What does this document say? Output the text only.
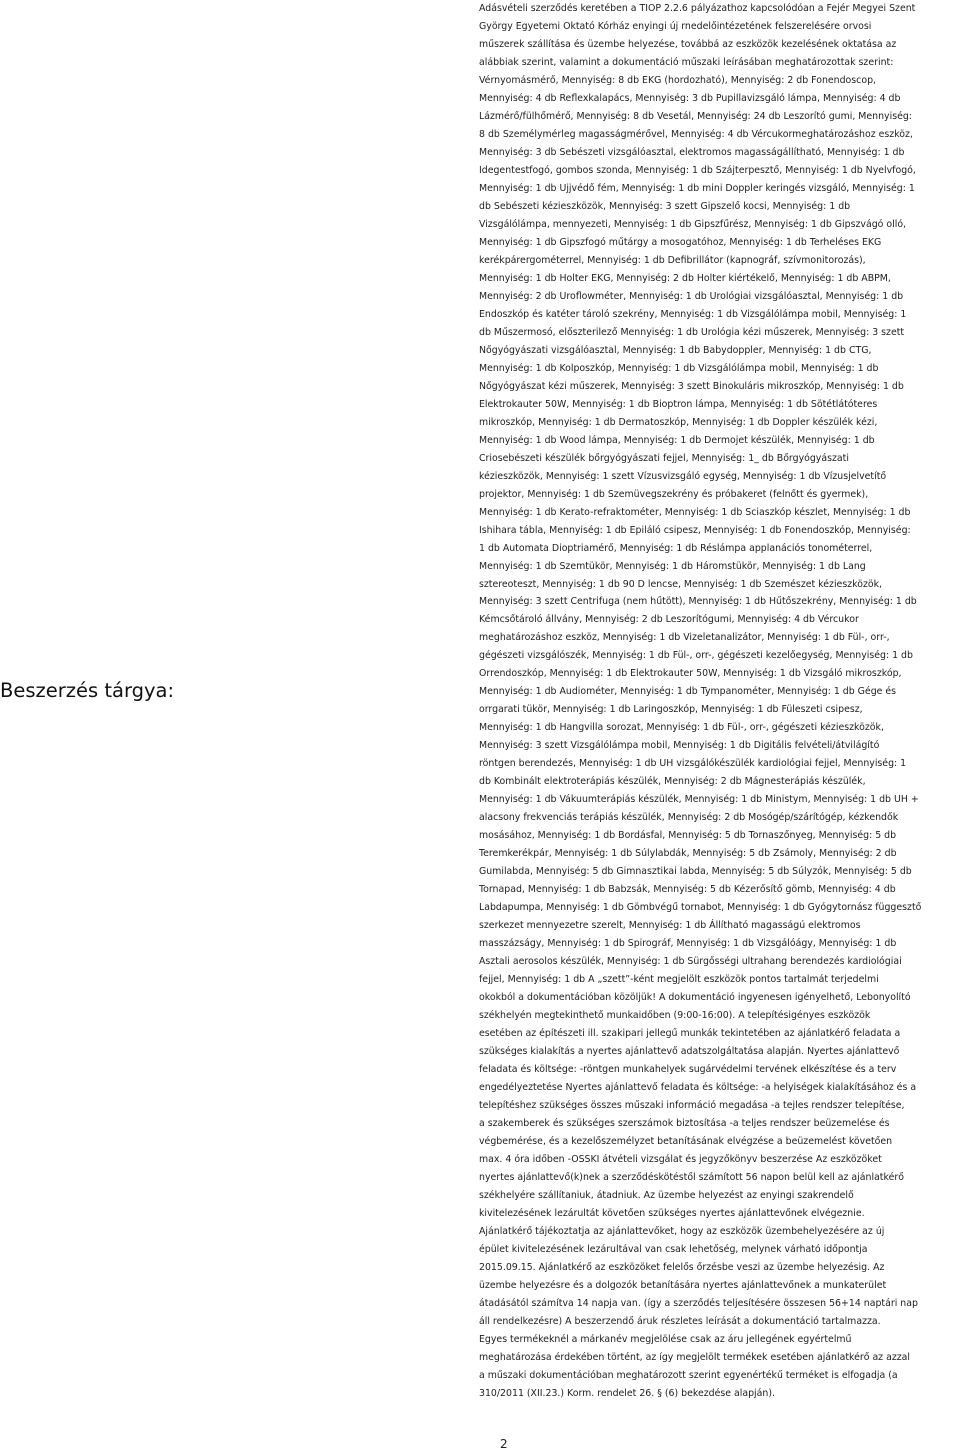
Beszerzés tárgya:
Adásvételi szerződés keretében a TIOP 2.2.6 pályázathoz kapcsolódóan a Fejér Megyei Szent
György Egyetemi Oktató Kórház enyingi új rnedelőintézetének felszerelésére orvosi
műszerek szállítása és üzembe helyezése, továbbá az eszközök kezelésének oktatása az
alábbiak szerint, valamint a dokumentáció műszaki leírásában meghatározottak szerint:
Vérnyomásmérő, Mennyiség: 8 db EKG (hordozható), Mennyiség: 2 db Fonendoscop,
Mennyiség: 4 db Reflexkalapács, Mennyiség: 3 db Pupillavizsgáló lámpa, Mennyiség: 4 db
Lázmérő/fülhőmérő, Mennyiség: 8 db Vesetál, Mennyiség: 24 db Leszorító gumi, Mennyiség:
8 db Személymérleg magasságmérővel, Mennyiség: 4 db Vércukormeghatározáshoz eszköz,
Mennyiség: 3 db Sebészeti vizsgálóasztal, elektromos magasságállítható, Mennyiség: 1 db
Idegentestfogó, gombos szonda, Mennyiség: 1 db Szájterpesztő, Mennyiség: 1 db Nyelvfogó,
Mennyiség: 1 db Ujjvédő fém, Mennyiség: 1 db mini Doppler keringés vizsgáló, Mennyiség: 1
db Sebészeti kézieszközök, Mennyiség: 3 szett Gipszelő kocsi, Mennyiség: 1 db
Vizsgálólámpa, mennyezeti, Mennyiség: 1 db Gipszfűrész, Mennyiség: 1 db Gipszvágó olló,
Mennyiség: 1 db Gipszfogó műtárgy a mosogatóhoz, Mennyiség: 1 db Terheléses EKG
kerékpárergométerrel, Mennyiség: 1 db Defibrillátor (kapnográf, szívmonitorozás),
Mennyiség: 1 db Holter EKG, Mennyiség: 2 db Holter kiértékelő, Mennyiség: 1 db ABPM,
Mennyiség: 2 db Uroflowméter, Mennyiség: 1 db Urológiai vizsgálóasztal, Mennyiség: 1 db
Endoszkóp és katéter tároló szekrény, Mennyiség: 1 db Vizsgálólámpa mobil, Mennyiség: 1
db Műszermosó, előszterilező Mennyiség: 1 db Urológia kézi műszerek, Mennyiség: 3 szett
Nőgyógyászati vizsgálóasztal, Mennyiség: 1 db Babydoppler, Mennyiség: 1 db CTG,
Mennyiség: 1 db Kolposzkóp, Mennyiség: 1 db Vizsgálólámpa mobil, Mennyiség: 1 db
Nőgyógyászat kézi műszerek, Mennyiség: 3 szett Binokuláris mikroszkóp, Mennyiség: 1 db
Elektrokauter 50W, Mennyiség: 1 db Bioptron lámpa, Mennyiség: 1 db Sötétlátóteres
mikroszkóp, Mennyiség: 1 db Dermatoszkóp, Mennyiség: 1 db Doppler készülék kézi,
Mennyiség: 1 db Wood lámpa, Mennyiség: 1 db Dermojet készülék, Mennyiség: 1 db
Criosebészeti készülék bőrgyógyászati fejjel, Mennyiség: 1_ db Bőrgyógyászati
kézieszközök, Mennyiség: 1 szett Vízusvizsgáló egység, Mennyiség: 1 db Vízusjelvetítő
projektor, Mennyiség: 1 db Szemüvegszekrény és próbakeret (felnőtt és gyermek),
Mennyiség: 1 db Kerato-refraktométer, Mennyiség: 1 db Sciaszkóp készlet, Mennyiség: 1 db
Ishihara tábla, Mennyiség: 1 db Epiláló csipesz, Mennyiség: 1 db Fonendoszkóp, Mennyiség:
1 db Automata Dioptriamérő, Mennyiség: 1 db Réslámpa applanációs tonométerrel,
Mennyiség: 1 db Szemtükör, Mennyiség: 1 db Háromstükör, Mennyiség: 1 db Lang
sztereoteszt, Mennyiség: 1 db 90 D lencse, Mennyiség: 1 db Szemészet kézieszközök,
Mennyiség: 3 szett Centrifuga (nem hűtött), Mennyiség: 1 db Hűtőszekrény, Mennyiség: 1 db
Kémcsőtároló állvány, Mennyiség: 2 db Leszorítógumi, Mennyiség: 4 db Vércukor
meghatározáshoz eszköz, Mennyiség: 1 db Vizeletanalizátor, Mennyiség: 1 db Fül-, orr-,
gégészeti vizsgálószék, Mennyiség: 1 db Fül-, orr-, gégészeti kezelőegység, Mennyiség: 1 db
Orrendoszkóp, Mennyiség: 1 db Elektrokauter 50W, Mennyiség: 1 db Vizsgáló mikroszkóp,
Mennyiség: 1 db Audiométer, Mennyiség: 1 db Tympanométer, Mennyiség: 1 db Gége és
orrgarati tükör, Mennyiség: 1 db Laringoszkóp, Mennyiség: 1 db Füleszeti csipesz,
Mennyiség: 1 db Hangvilla sorozat, Mennyiség: 1 db Fül-, orr-, gégészeti kézieszközök,
Mennyiség: 3 szett Vizsgálólámpa mobil, Mennyiség: 1 db Digitális felvételi/átvilágító
röntgen berendezés, Mennyiség: 1 db UH vizsgálókészülék kardiológiai fejjel, Mennyiség: 1
db Kombinált elektroterápiás készülék, Mennyiség: 2 db Mágnesterápiás készülék,
Mennyiség: 1 db Vákuumterápiás készülék, Mennyiség: 1 db Ministym, Mennyiség: 1 db UH +
alacsony frekvenciás terápiás készülék, Mennyiség: 2 db Mosógép/szárítógép, kézkendők
mosásához, Mennyiség: 1 db Bordásfal, Mennyiség: 5 db Tornaszőnyeg, Mennyiség: 5 db
Teremkerékpár, Mennyiség: 1 db Súlylabdák, Mennyiség: 5 db Zsámoly, Mennyiség: 2 db
Gumilabda, Mennyiség: 5 db Gimnasztikai labda, Mennyiség: 5 db Súlyzók, Mennyiség: 5 db
Tornapad, Mennyiség: 1 db Babzsák, Mennyiség: 5 db Kézerősítő gömb, Mennyiség: 4 db
Labdapumpa, Mennyiség: 1 db Gömbvégű tornabot, Mennyiség: 1 db Gyógytornász függesztő
szerkezet mennyezetre szerelt, Mennyiség: 1 db Állítható magasságú elektromos
masszázságy, Mennyiség: 1 db Spirográf, Mennyiség: 1 db Vizsgálóágy, Mennyiség: 1 db
Asztali aerosolos készülék, Mennyiség: 1 db Sürgősségi ultrahang berendezés kardiológiai
fejjel, Mennyiség: 1 db A „szett”-ként megjelölt eszközök pontos tartalmát terjedelmi
okokból a dokumentációban közöljük! A dokumentáció ingyenesen igényelhető, Lebonyolító
székhelyén megtekinthető munkaidőben (9:00-16:00). A telepítésigényes eszközök
esetében az építészeti ill. szakipari jellegű munkák tekintetében az ajánlatkérő feladata a
szükséges kialakítás a nyertes ajánlattevő adatszolgáltatása alapján. Nyertes ajánlattevő
feladata és költsége: -röntgen munkahelyek sugárvédelmi tervének elkészítése és a terv
engedélyeztetése Nyertes ajánlattevő feladata és költsége: -a helyiségek kialakításához és a
telepítéshez szükséges összes műszaki információ megadása -a tejles rendszer telepítése,
a szakemberek és szükséges szerszámok biztosítása -a teljes rendszer beüzemelése és
végbemérése, és a kezelőszemélyzet betanításának elvégzése a beüzemelést követően
max. 4 óra időben -OSSKI átvételi vizsgálat és jegyzőkönyv beszerzése Az eszközöket
nyertes ajánlattevő(k)nek a szerződéskötéstől számított 56 napon belül kell az ajánlatkérő
székhelyére szállítaniuk, átadniuk. Az üzembe helyezést az enyingi szakrendelő
kivitelezésének lezárultát követően szükséges nyertes ajánlattevőnek elvégeznie.
Ajánlatkérő tájékoztatja az ajánlattevőket, hogy az eszközök üzembehelyezésére az új
épület kivitelezésének lezárultával van csak lehetőség, melynek várható időpontja
2015.09.15. Ajánlatkérő az eszközöket felelős őrzésbe veszi az üzembe helyezésig. Az
üzembe helyezésre és a dolgozók betanítására nyertes ajánlattevőnek a munkaterület
átadásától számítva 14 napja van. (így a szerződés teljesítésére összesen 56+14 naptári nap
áll rendelkezésre) A beszerzendő áruk részletes leírását a dokumentáció tartalmazza.
Egyes termékeknél a márkanév megjelölése csak az áru jellegének egyértelmű
meghatározása érdekében történt, az így megjelölt termékek esetében ajánlatkérő az azzal
a műszaki dokumentációban meghatározott szerint egyenértékű terméket is elfogadja (a
310/2011 (XII.23.) Korm. rendelet 26. § (6) bekezdése alapján).
2
